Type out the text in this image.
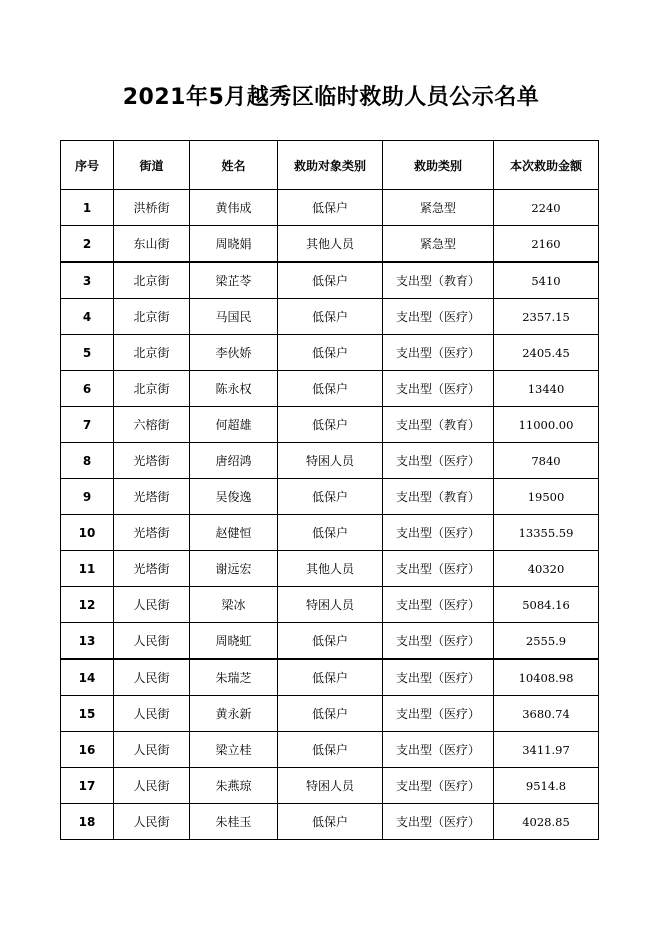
2021年5月越秀区临时救助人员公示名单
序号	街道	姓名	救助对象类别	救助类别	本次救助金额
1	洪桥街	黄伟成	低保户	紧急型	2240
2	东山街	周晓娟	其他人员	紧急型	2160
3	北京街	梁芷苓	低保户	支出型（教育）	5410
4	北京街	马国民	低保户	支出型（医疗）	2357.15
5	北京街	李伙娇	低保户	支出型（医疗）	2405.45
6	北京街	陈永权	低保户	支出型（医疗）	13440
7	六榕街	何超雄	低保户	支出型（教育）	11000.00
8	光塔街	唐绍鸿	特困人员	支出型（医疗）	7840
9	光塔街	吴俊逸	低保户	支出型（教育）	19500
10	光塔街	赵健恒	低保户	支出型（医疗）	13355.59
11	光塔街	谢远宏	其他人员	支出型（医疗）	40320
12	人民街	梁冰	特困人员	支出型（医疗）	5084.16
13	人民街	周晓虹	低保户	支出型（医疗）	2555.9
14	人民街	朱瑞芝	低保户	支出型（医疗）	10408.98
15	人民街	黄永新	低保户	支出型（医疗）	3680.74
16	人民街	梁立桂	低保户	支出型（医疗）	3411.97
17	人民街	朱燕琼	特困人员	支出型（医疗）	9514.8
18	人民街	朱桂玉	低保户	支出型（医疗）	4028.85
